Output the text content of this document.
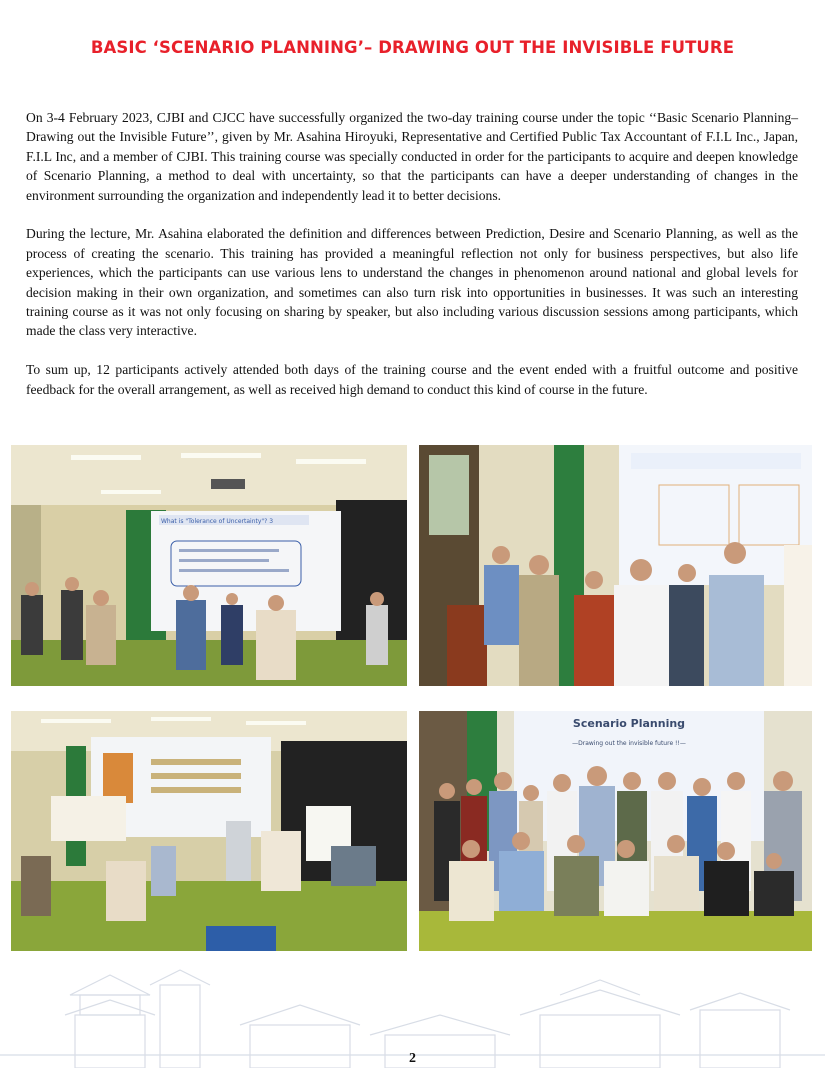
BASIC ‘SCENARIO PLANNING’– DRAWING OUT THE INVISIBLE FUTURE

On 3-4 February 2023, CJBI and CJCC have successfully organized the two-day training course under the topic ‘‘Basic Scenario Planning– Drawing out the Invisible Future’’, given by Mr. Asahina Hiroyuki, Representative and Certified Public Tax Accountant of F.I.L Inc., Japan, F.I.L Inc, and a member of CJBI. This training course was specially conducted in order for the participants to acquire and deepen knowledge of Scenario Planning, a method to deal with uncertainty, so that the participants can have a deeper understanding of changes in the environment surrounding the organization and independently lead it to better decisions.

During the lecture, Mr. Asahina elaborated the definition and differences between Prediction, Desire and Scenario Planning, as well as the process of creating the scenario. This training has provided a meaningful reflection not only for business perspectives, but also life experiences, which the participants can use various lens to understand the changes in phenomenon around national and global levels for decision making in their own organization, and sometimes can also turn risk into opportunities in businesses. It was such an interesting training course as it was not only focusing on sharing by speaker, but also including various discussion sessions among participants, which made the class very interactive.

To sum up, 12 participants actively attended both days of the training course and the event ended with a fruitful outcome and positive feedback for the overall arrangement, as well as received high demand to conduct this kind of course in the future.

What is "Tolerance of Uncertainty"? 3
Scenario Planning
—Drawing out the invisible future !!—
2
